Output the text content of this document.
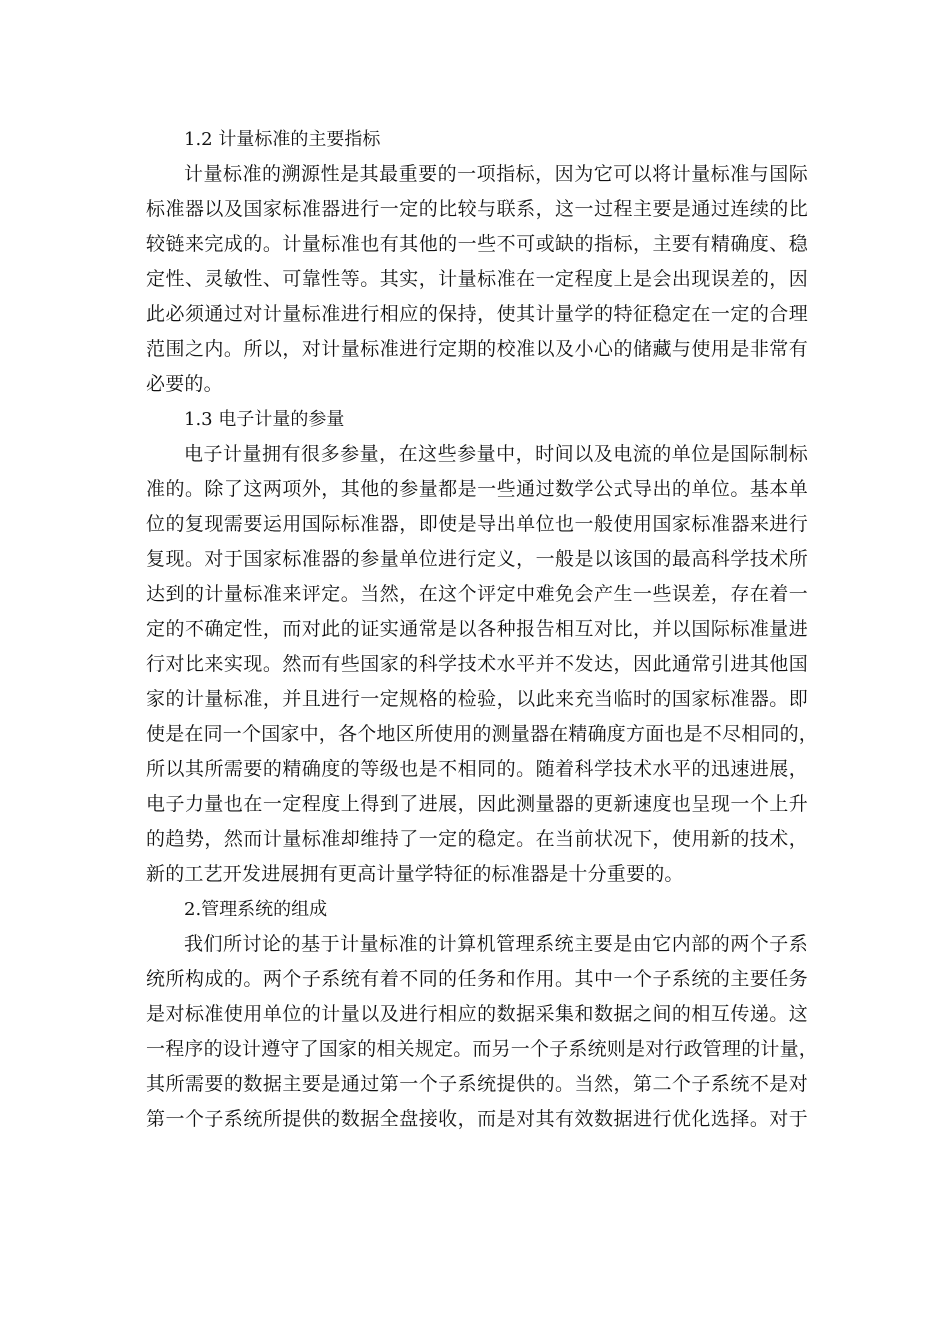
1.2 计量标准的主要指标

计量标准的溯源性是其最重要的一项指标，因为它可以将计量标准与国际
标准器以及国家标准器进行一定的比较与联系，这一过程主要是通过连续的比
较链来完成的。计量标准也有其他的一些不可或缺的指标，主要有精确度、稳
定性、灵敏性、可靠性等。其实，计量标准在一定程度上是会出现误差的，因
此必须通过对计量标准进行相应的保持，使其计量学的特征稳定在一定的合理
范围之内。所以，对计量标准进行定期的校准以及小心的储藏与使用是非常有
必要的。

1.3 电子计量的参量

电子计量拥有很多参量，在这些参量中，时间以及电流的单位是国际制标
准的。除了这两项外，其他的参量都是一些通过数学公式导出的单位。基本单
位的复现需要运用国际标准器，即使是导出单位也一般使用国家标准器来进行
复现。对于国家标准器的参量单位进行定义，一般是以该国的最高科学技术所
达到的计量标准来评定。当然，在这个评定中难免会产生一些误差，存在着一
定的不确定性，而对此的证实通常是以各种报告相互对比，并以国际标准量进
行对比来实现。然而有些国家的科学技术水平并不发达，因此通常引进其他国
家的计量标准，并且进行一定规格的检验，以此来充当临时的国家标准器。即
使是在同一个国家中，各个地区所使用的测量器在精确度方面也是不尽相同的，
所以其所需要的精确度的等级也是不相同的。随着科学技术水平的迅速进展，
电子力量也在一定程度上得到了进展，因此测量器的更新速度也呈现一个上升
的趋势，然而计量标准却维持了一定的稳定。在当前状况下，使用新的技术，
新的工艺开发进展拥有更高计量学特征的标准器是十分重要的。

2.管理系统的组成

我们所讨论的基于计量标准的计算机管理系统主要是由它内部的两个子系
统所构成的。两个子系统有着不同的任务和作用。其中一个子系统的主要任务
是对标准使用单位的计量以及进行相应的数据采集和数据之间的相互传递。这
一程序的设计遵守了国家的相关规定。而另一个子系统则是对行政管理的计量，
其所需要的数据主要是通过第一个子系统提供的。当然，第二个子系统不是对
第一个子系统所提供的数据全盘接收，而是对其有效数据进行优化选择。对于
